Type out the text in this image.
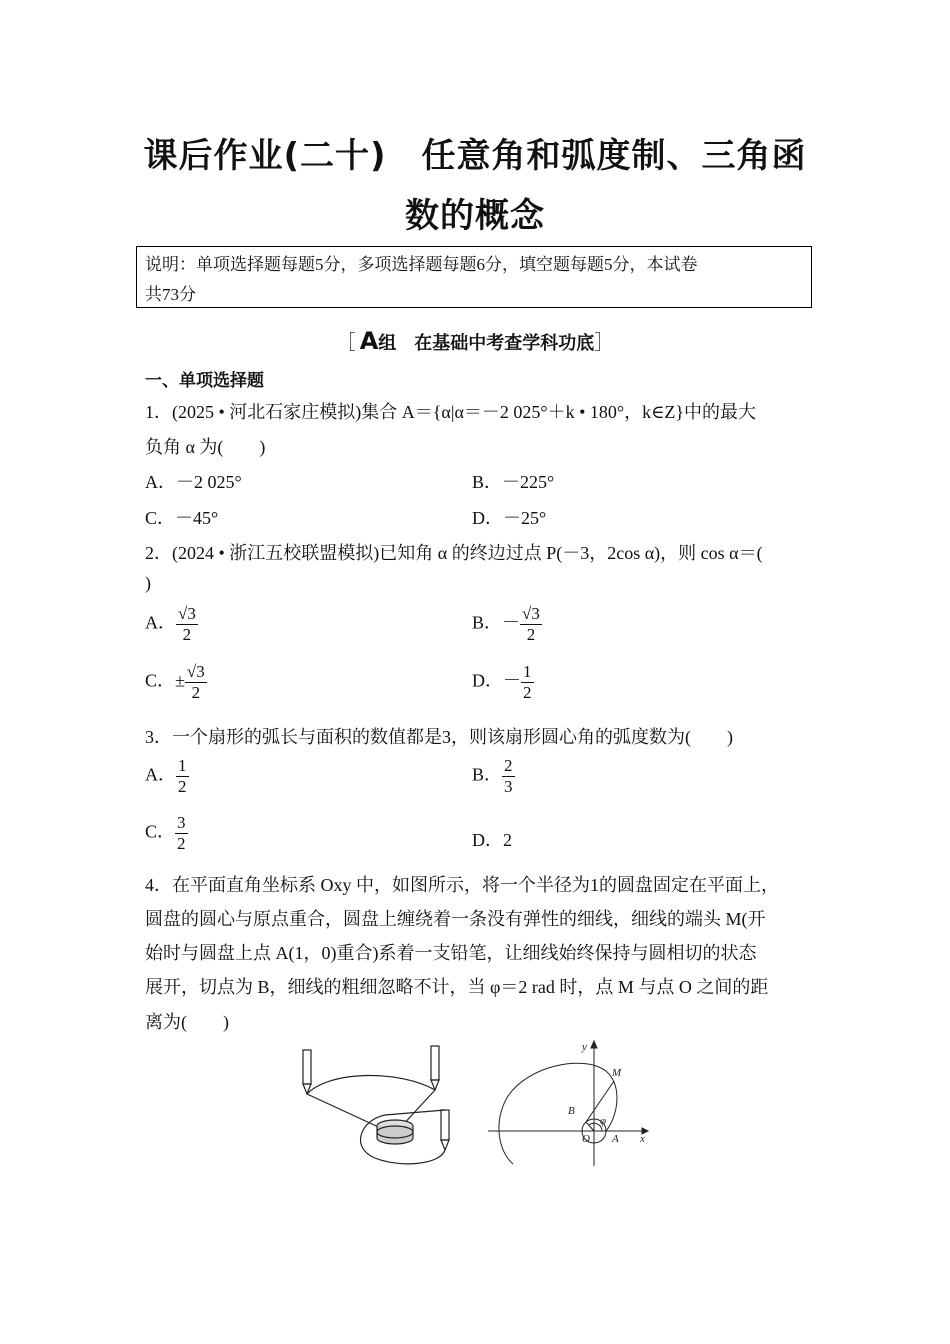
课后作业(二十)　任意角和弧度制、三角函
数的概念
说明：单项选择题每题5分，多项选择题每题6分，填空题每题5分，本试卷
共73分
［ A组　在基础中考查学科功底］
一、单项选择题
1．(2025 • 河北石家庄模拟)集合 A＝{α|α＝－2 025°＋k • 180°，k∈Z}中的最大
负角 α 为(　　)
A．－2 025°	B．－225°
C．－45°	D．－25°
2．(2024 • 浙江五校联盟模拟)已知角 α 的终边过点 P(－3，2cos α)，则 cos α＝(
)
A． $\frac{√3}{2}$	B．－ $\frac{√3}{2}$
C．± $\frac{√3}{2}$	D．－ $\frac{1}{2}$
3．一个扇形的弧长与面积的数值都是3，则该扇形圆心角的弧度数为(　　)
A． $\frac{1}{2}$	B． $\frac{2}{3}$
C． $\frac{3}{2}$	D．2
4．在平面直角坐标系 Oxy 中，如图所示，将一个半径为1的圆盘固定在平面上，
圆盘的圆心与原点重合，圆盘上缠绕着一条没有弹性的细线，细线的端头 M(开
始时与圆盘上点 A(1，0)重合)系着一支铅笔，让细线始终保持与圆相切的状态
展开，切点为 B，细线的粗细忽略不计，当 φ＝2 rad 时，点 M 与点 O 之间的距
离为(　　)
y
x
M
B
O A
φ
